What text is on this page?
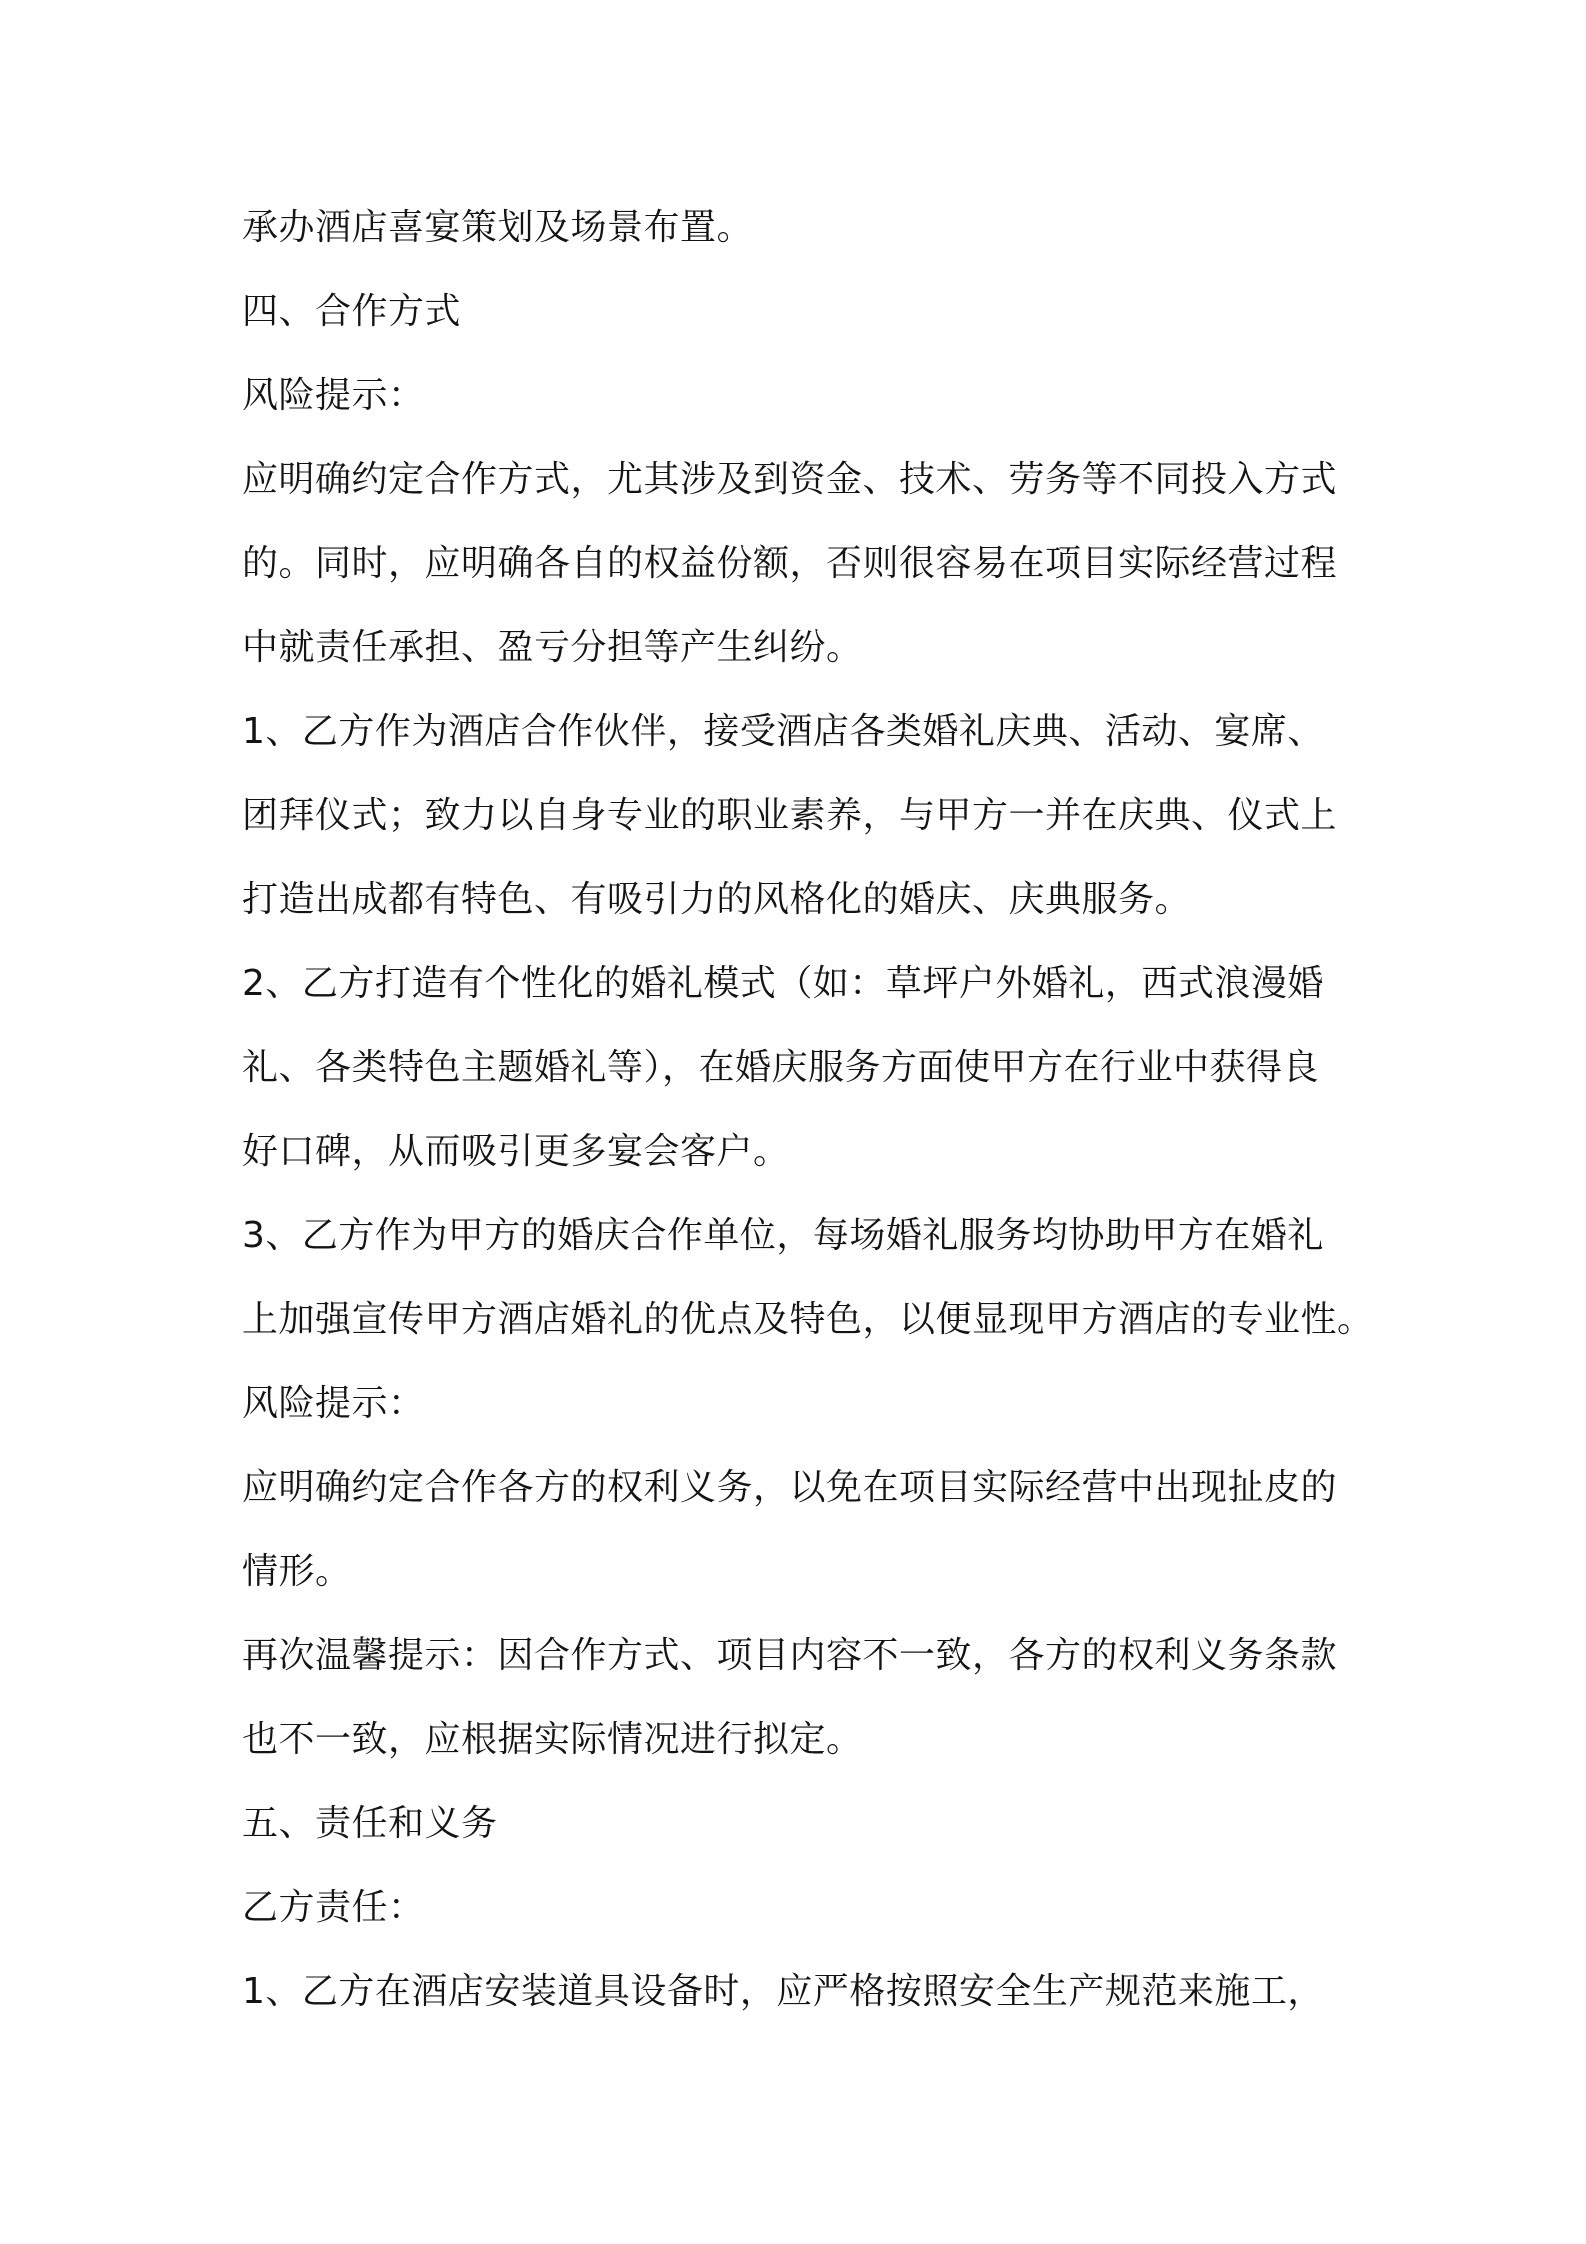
承办酒店喜宴策划及场景布置。
四、合作方式
风险提示：
应明确约定合作方式，尤其涉及到资金、技术、劳务等不同投入方式
的。同时，应明确各自的权益份额，否则很容易在项目实际经营过程
中就责任承担、盈亏分担等产生纠纷。
1、乙方作为酒店合作伙伴，接受酒店各类婚礼庆典、活动、宴席、
团拜仪式；致力以自身专业的职业素养，与甲方一并在庆典、仪式上
打造出成都有特色、有吸引力的风格化的婚庆、庆典服务。
2、乙方打造有个性化的婚礼模式（如：草坪户外婚礼，西式浪漫婚
礼、各类特色主题婚礼等），在婚庆服务方面使甲方在行业中获得良
好口碑，从而吸引更多宴会客户。
3、乙方作为甲方的婚庆合作单位，每场婚礼服务均协助甲方在婚礼
上加强宣传甲方酒店婚礼的优点及特色，以便显现甲方酒店的专业性。
风险提示：
应明确约定合作各方的权利义务，以免在项目实际经营中出现扯皮的
情形。
再次温馨提示：因合作方式、项目内容不一致，各方的权利义务条款
也不一致，应根据实际情况进行拟定。
五、责任和义务
乙方责任：
1、乙方在酒店安装道具设备时，应严格按照安全生产规范来施工，
